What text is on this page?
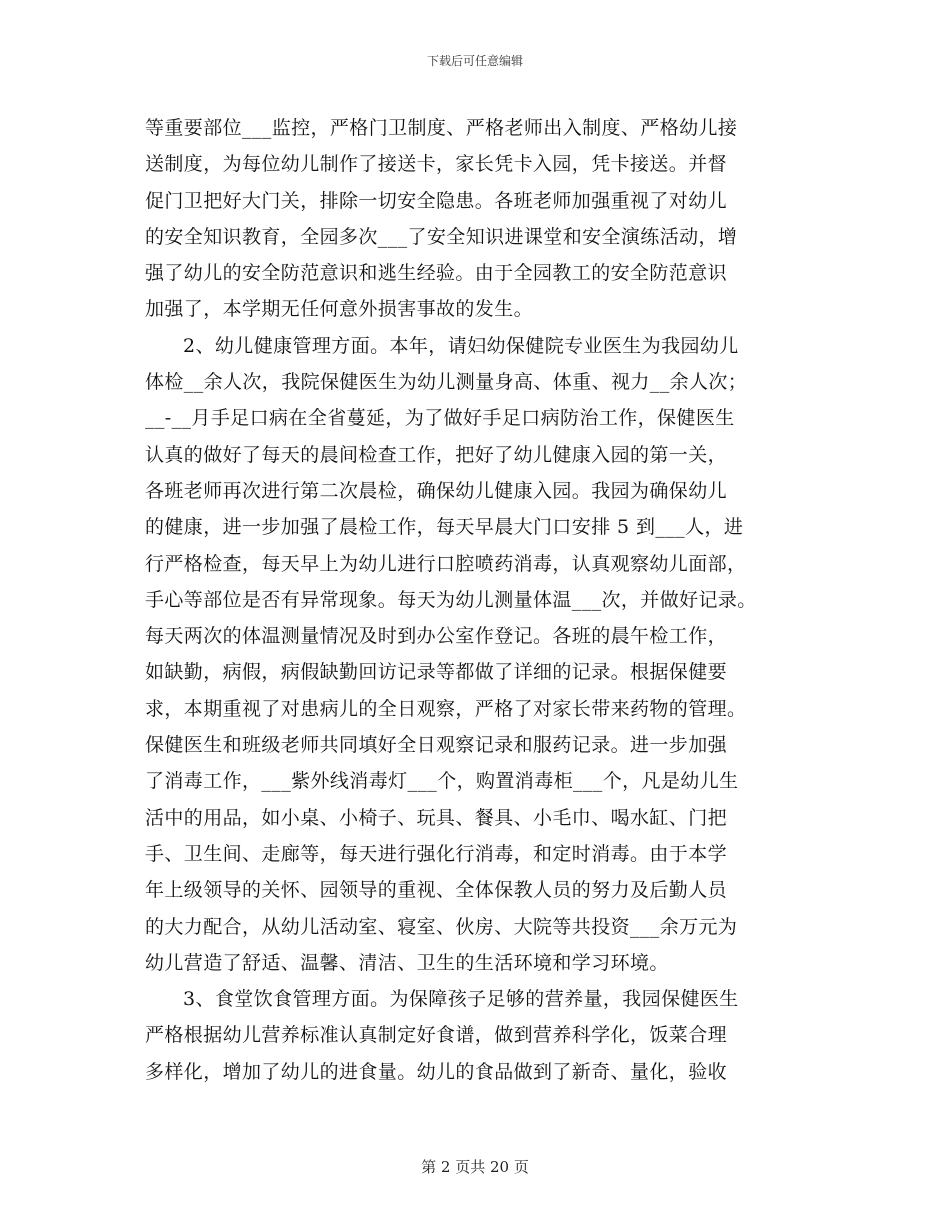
下载后可任意编辑
等重要部位___监控，严格门卫制度、严格老师出入制度、严格幼儿接
送制度，为每位幼儿制作了接送卡，家长凭卡入园，凭卡接送。并督
促门卫把好大门关，排除一切安全隐患。各班老师加强重视了对幼儿
的安全知识教育，全园多次___了安全知识进课堂和安全演练活动，增
强了幼儿的安全防范意识和逃生经验。由于全园教工的安全防范意识
加强了，本学期无任何意外损害事故的发生。
2、幼儿健康管理方面。本年，请妇幼保健院专业医生为我园幼儿
体检__余人次，我院保健医生为幼儿测量身高、体重、视力__余人次；
__-__月手足口病在全省蔓延，为了做好手足口病防治工作，保健医生
认真的做好了每天的晨间检查工作，把好了幼儿健康入园的第一关，
各班老师再次进行第二次晨检，确保幼儿健康入园。我园为确保幼儿
的健康，进一步加强了晨检工作，每天早晨大门口安排 5 到___人，进
行严格检查，每天早上为幼儿进行口腔喷药消毒，认真观察幼儿面部，
手心等部位是否有异常现象。每天为幼儿测量体温___次，并做好记录。
每天两次的体温测量情况及时到办公室作登记。各班的晨午检工作，
如缺勤，病假，病假缺勤回访记录等都做了详细的记录。根据保健要
求，本期重视了对患病儿的全日观察，严格了对家长带来药物的管理。
保健医生和班级老师共同填好全日观察记录和服药记录。进一步加强
了消毒工作，___紫外线消毒灯___个，购置消毒柜___个，凡是幼儿生
活中的用品，如小桌、小椅子、玩具、餐具、小毛巾、喝水缸、门把
手、卫生间、走廊等，每天进行强化行消毒，和定时消毒。由于本学
年上级领导的关怀、园领导的重视、全体保教人员的努力及后勤人员
的大力配合，从幼儿活动室、寝室、伙房、大院等共投资___余万元为
幼儿营造了舒适、温馨、清洁、卫生的生活环境和学习环境。
3、食堂饮食管理方面。为保障孩子足够的营养量，我园保健医生
严格根据幼儿营养标准认真制定好食谱，做到营养科学化，饭菜合理
多样化，增加了幼儿的进食量。幼儿的食品做到了新奇、量化，验收
第 2 页共 20 页
